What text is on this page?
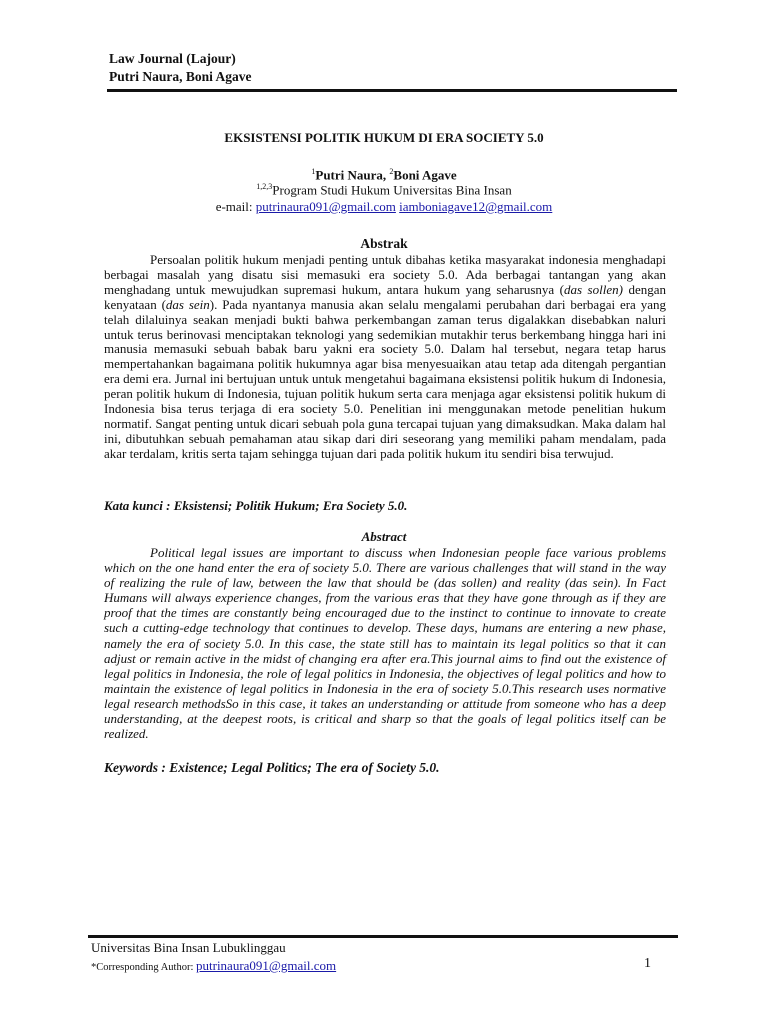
Law Journal (Lajour)
Putri Naura, Boni Agave
EKSISTENSI POLITIK HUKUM DI ERA SOCIETY 5.0
$^1$Putri Naura, $^2$Boni Agave
$^{1,2,3}$Program Studi Hukum Universitas Bina Insan
e-mail: putrinaura091@gmail.com iamboniagave12@gmail.com
Abstrak

Persoalan politik hukum menjadi penting untuk dibahas ketika masyarakat indonesia menghadapi berbagai masalah yang disatu sisi memasuki era society 5.0. Ada berbagai tantangan yang akan menghadang untuk mewujudkan supremasi hukum, antara hukum yang seharusnya (das sollen) dengan kenyataan (das sein). Pada nyantanya manusia akan selalu mengalami perubahan dari berbagai era yang telah dilaluinya seakan menjadi bukti bahwa perkembangan zaman terus digalakkan disebabkan naluri untuk terus berinovasi menciptakan teknologi yang sedemikian mutakhir terus berkembang hingga hari ini manusia memasuki sebuah babak baru yakni era society 5.0. Dalam hal tersebut, negara tetap harus mempertahankan bagaimana politik hukumnya agar bisa menyesuaikan atau tetap ada ditengah pergantian era demi era. Jurnal ini bertujuan untuk untuk mengetahui bagaimana eksistensi politik hukum di Indonesia, peran politik hukum di Indonesia, tujuan politik hukum serta cara menjaga agar eksistensi politik hukum di Indonesia bisa terus terjaga di era society 5.0. Penelitian ini menggunakan metode penelitian hukum normatif. Sangat penting untuk dicari sebuah pola guna tercapai tujuan yang dimaksudkan. Maka dalam hal ini, dibutuhkan sebuah pemahaman atau sikap dari diri seseorang yang memiliki paham mendalam, pada akar terdalam, kritis serta tajam sehingga tujuan dari pada politik hukum itu sendiri bisa terwujud.

Kata kunci : Eksistensi; Politik Hukum; Era Society 5.0.
Abstract

Political legal issues are important to discuss when Indonesian people face various problems which on the one hand enter the era of society 5.0. There are various challenges that will stand in the way of realizing the rule of law, between the law that should be (das sollen) and reality (das sein). In Fact Humans will always experience changes, from the various eras that they have gone through as if they are proof that the times are constantly being encouraged due to the instinct to continue to innovate to create such a cutting-edge technology that continues to develop. These days, humans are entering a new phase, namely the era of society 5.0. In this case, the state still has to maintain its legal politics so that it can adjust or remain active in the midst of changing era after era.This journal aims to find out the existence of legal politics in Indonesia, the role of legal politics in Indonesia, the objectives of legal politics and how to maintain the existence of legal politics in Indonesia in the era of society 5.0.This research uses normative legal research methodsSo in this case, it takes an understanding or attitude from someone who has a deep understanding, at the deepest roots, is critical and sharp so that the goals of legal politics itself can be realized.

Keywords : Existence; Legal Politics; The era of Society 5.0.
Universitas Bina Insan Lubuklinggau
*Corresponding Author: putrinaura091@gmail.com	1
